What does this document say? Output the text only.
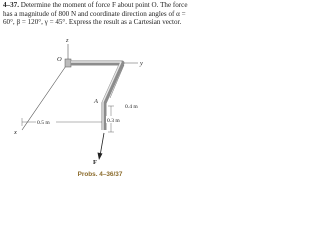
4–37. Determine the moment of force F about point O. The force has a magnitude of 800 N and coordinate direction angles of α = 60°, β = 120°, γ = 45°. Express the result as a Cartesian vector.

z
y
x
O
A
0.4 m
0.5 m	0.3 m
F
Probs. 4–36/37
